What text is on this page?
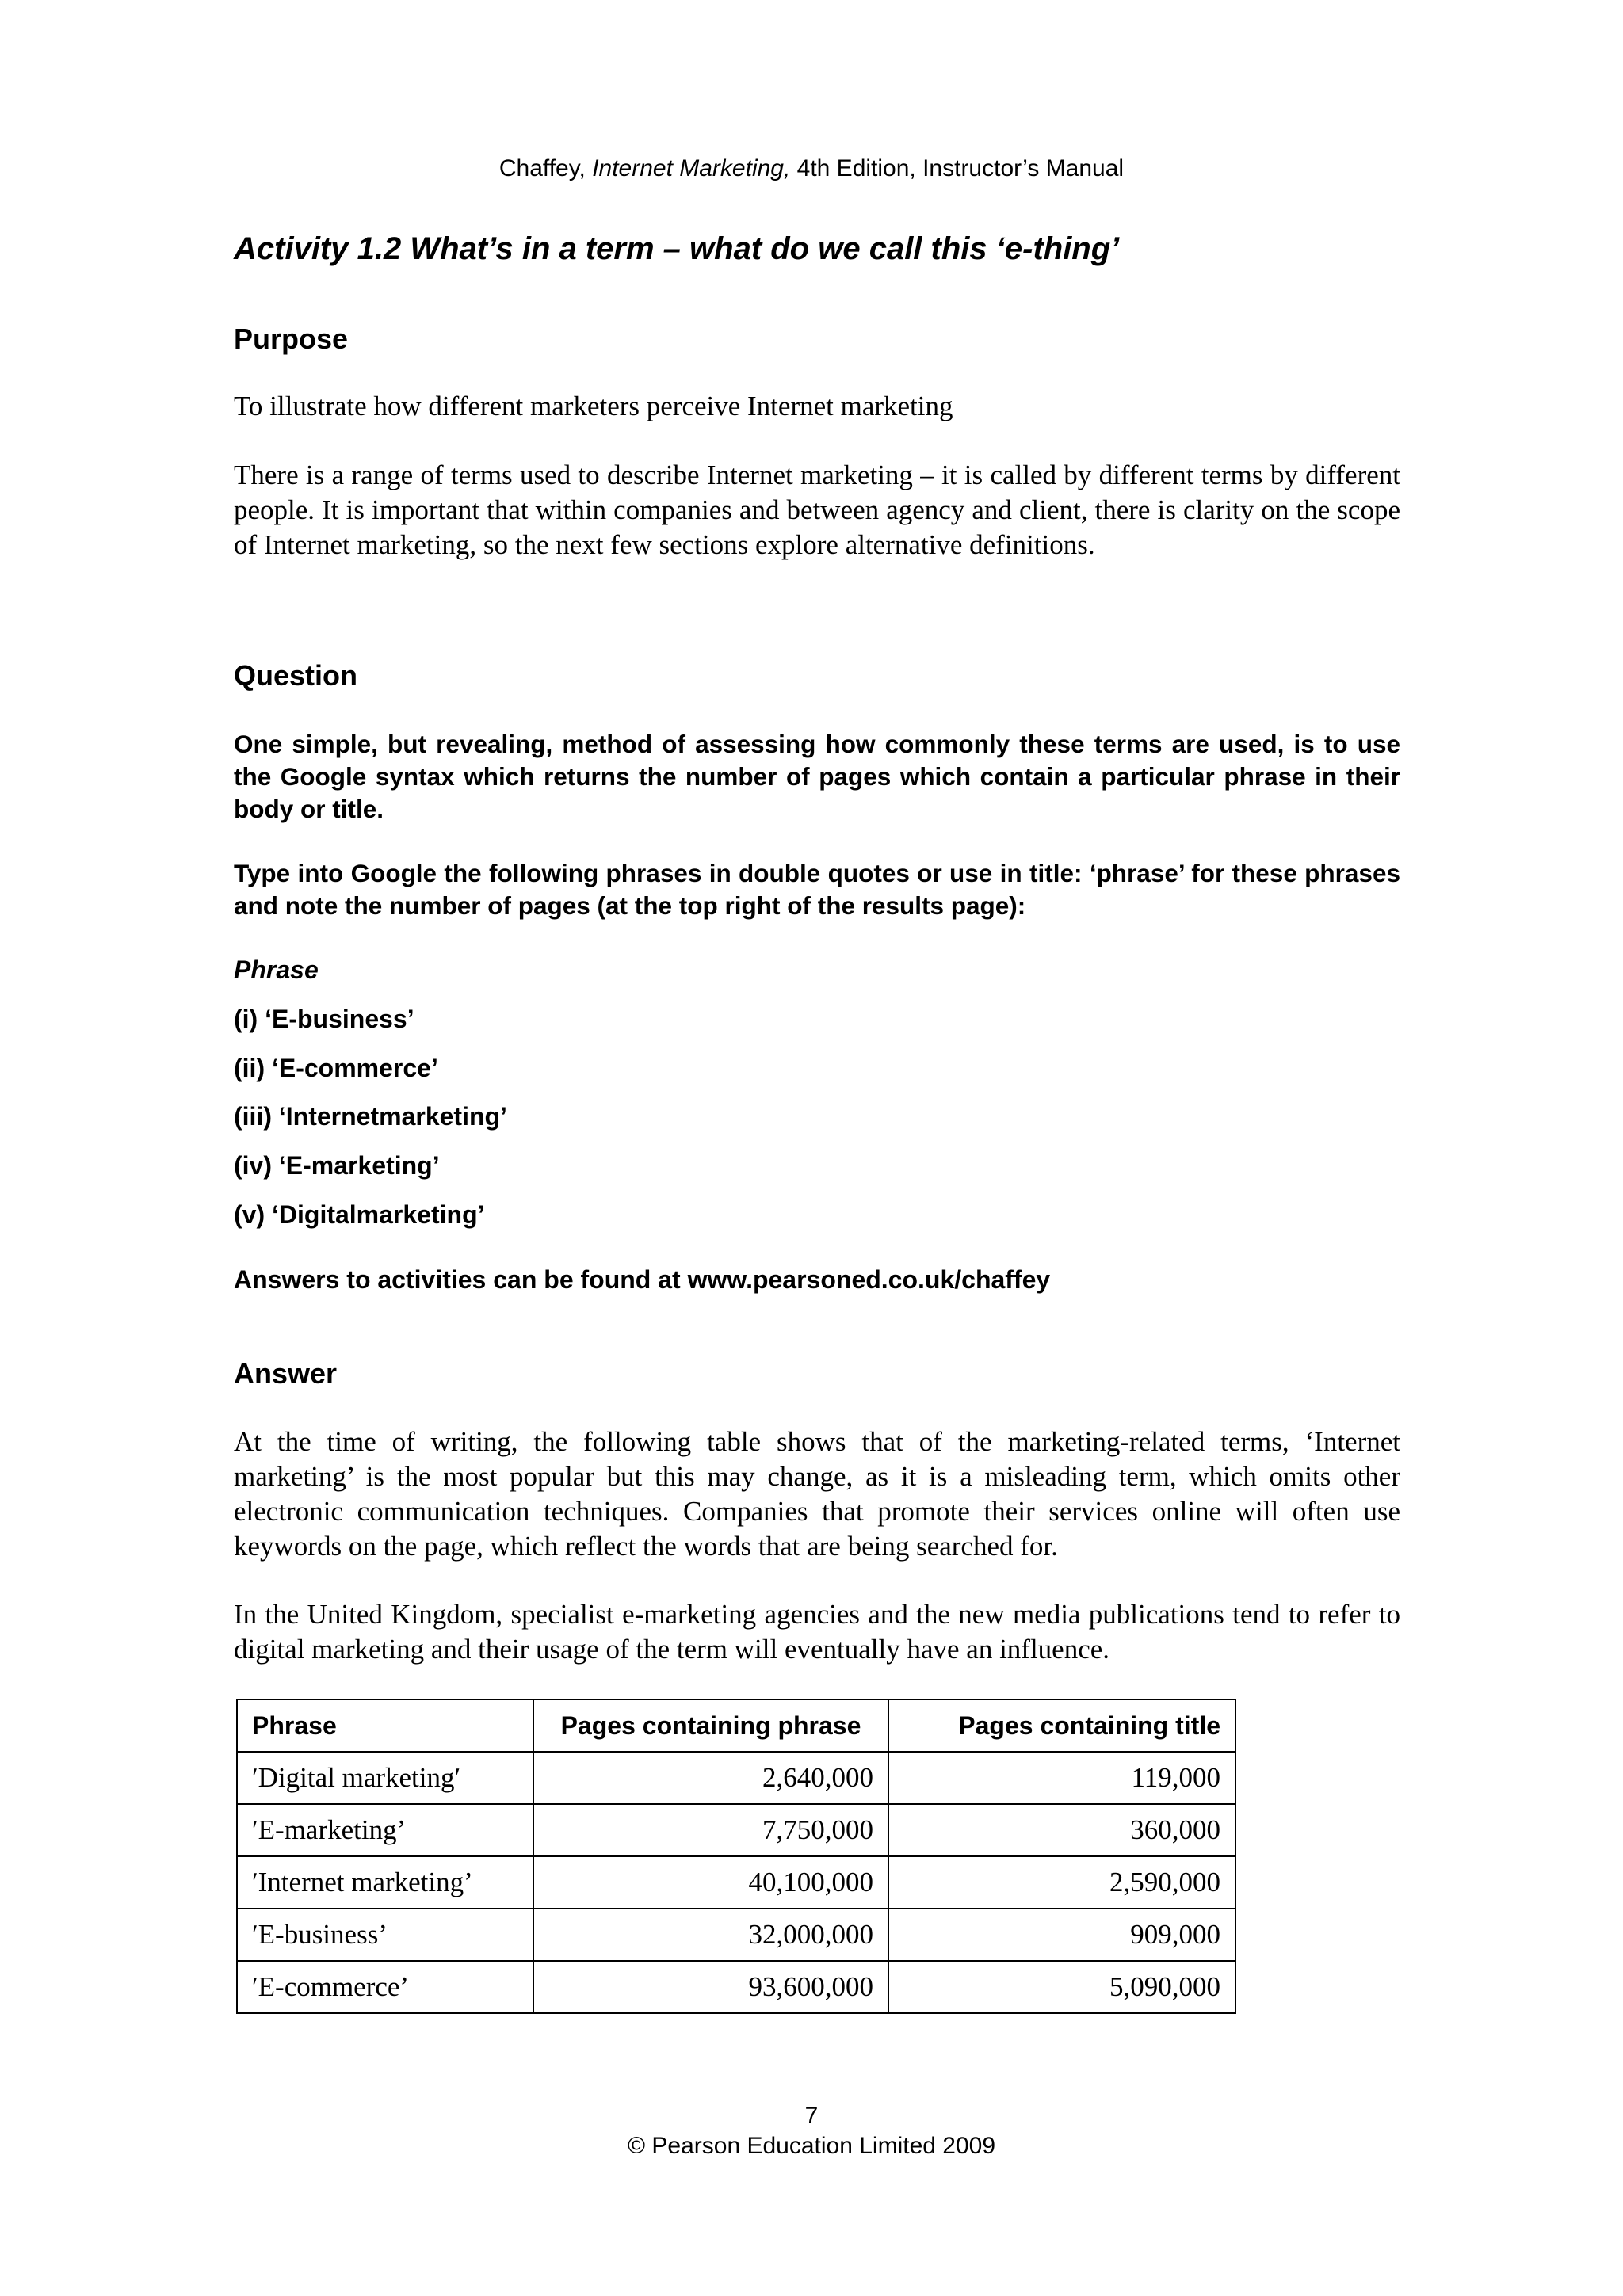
Chaffey, Internet Marketing, 4th Edition, Instructor’s Manual
Activity 1.2 What’s in a term – what do we call this ‘e-thing’
Purpose
To illustrate how different marketers perceive Internet marketing
There is a range of terms used to describe Internet marketing – it is called by different terms by different people. It is important that within companies and between agency and client, there is clarity on the scope of Internet marketing, so the next few sections explore alternative definitions.
Question
One simple, but revealing, method of assessing how commonly these terms are used, is to use the Google syntax which returns the number of pages which contain a particular phrase in their body or title.
Type into Google the following phrases in double quotes or use in title: ‘phrase’ for these phrases and note the number of pages (at the top right of the results page):
Phrase
(i) ‘E-business’
(ii) ‘E-commerce’
(iii) ‘Internetmarketing’
(iv) ‘E-marketing’
(v) ‘Digitalmarketing’
Answers to activities can be found at www.pearsoned.co.uk/chaffey
Answer
At the time of writing, the following table shows that of the marketing-related terms, ‘Internet marketing’ is the most popular but this may change, as it is a misleading term, which omits other electronic communication techniques. Companies that promote their services online will often use keywords on the page, which reflect the words that are being searched for.
In the United Kingdom, specialist e-marketing agencies and the new media publications tend to refer to digital marketing and their usage of the term will eventually have an influence.
Phrase	Pages containing phrase	Pages containing title
ʹDigital marketingʹ	2,640,000	119,000
ʹE-marketing’	7,750,000	360,000
ʹInternet marketing’	40,100,000	2,590,000
ʹE-business’	32,000,000	909,000
ʹE-commerce’	93,600,000	5,090,000
7
© Pearson Education Limited 2009
